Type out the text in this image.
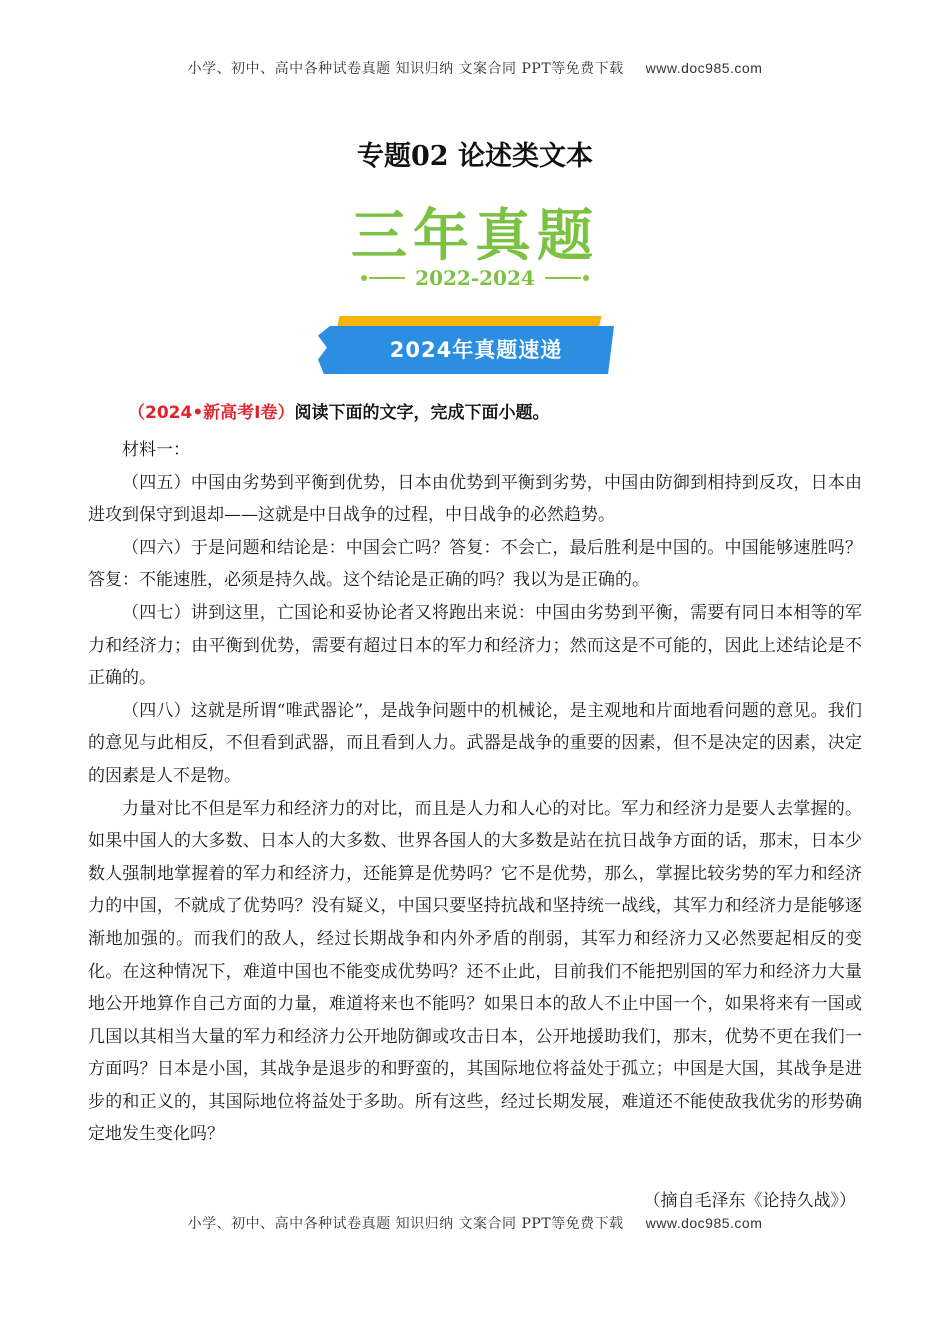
小学、初中、高中各种试卷真题 知识归纳 文案合同 PPT等免费下载 www.doc985.com
专题02 论述类文本
三年真题
2022-2024
2024年真题速递
（2024•新高考Ⅰ卷）阅读下面的文字，完成下面小题。

材料一：

（四五）中国由劣势到平衡到优势，日本由优势到平衡到劣势，中国由防御到相持到反攻，日本由进攻到保守到退却——这就是中日战争的过程，中日战争的必然趋势。

（四六）于是问题和结论是：中国会亡吗？答复：不会亡，最后胜利是中国的。中国能够速胜吗？答复：不能速胜，必须是持久战。这个结论是正确的吗？我以为是正确的。

（四七）讲到这里，亡国论和妥协论者又将跑出来说：中国由劣势到平衡，需要有同日本相等的军力和经济力；由平衡到优势，需要有超过日本的军力和经济力；然而这是不可能的，因此上述结论是不正确的。

（四八）这就是所谓“唯武器论”，是战争问题中的机械论，是主观地和片面地看问题的意见。我们的意见与此相反，不但看到武器，而且看到人力。武器是战争的重要的因素，但不是决定的因素，决定的因素是人不是物。

力量对比不但是军力和经济力的对比，而且是人力和人心的对比。军力和经济力是要人去掌握的。如果中国人的大多数、日本人的大多数、世界各国人的大多数是站在抗日战争方面的话，那末，日本少数人强制地掌握着的军力和经济力，还能算是优势吗？它不是优势，那么，掌握比较劣势的军力和经济力的中国，不就成了优势吗？没有疑义，中国只要坚持抗战和坚持统一战线，其军力和经济力是能够逐渐地加强的。而我们的敌人，经过长期战争和内外矛盾的削弱，其军力和经济力又必然要起相反的变化。在这种情况下，难道中国也不能变成优势吗？还不止此，目前我们不能把别国的军力和经济力大量地公开地算作自己方面的力量，难道将来也不能吗？如果日本的敌人不止中国一个，如果将来有一国或几国以其相当大量的军力和经济力公开地防御或攻击日本，公开地援助我们，那末，优势不更在我们一方面吗？日本是小国，其战争是退步的和野蛮的，其国际地位将益处于孤立；中国是大国，其战争是进步的和正义的，其国际地位将益处于多助。所有这些，经过长期发展，难道还不能使敌我优劣的形势确定地发生变化吗？

（摘自毛泽东《论持久战》）
小学、初中、高中各种试卷真题 知识归纳 文案合同 PPT等免费下载 www.doc985.com
